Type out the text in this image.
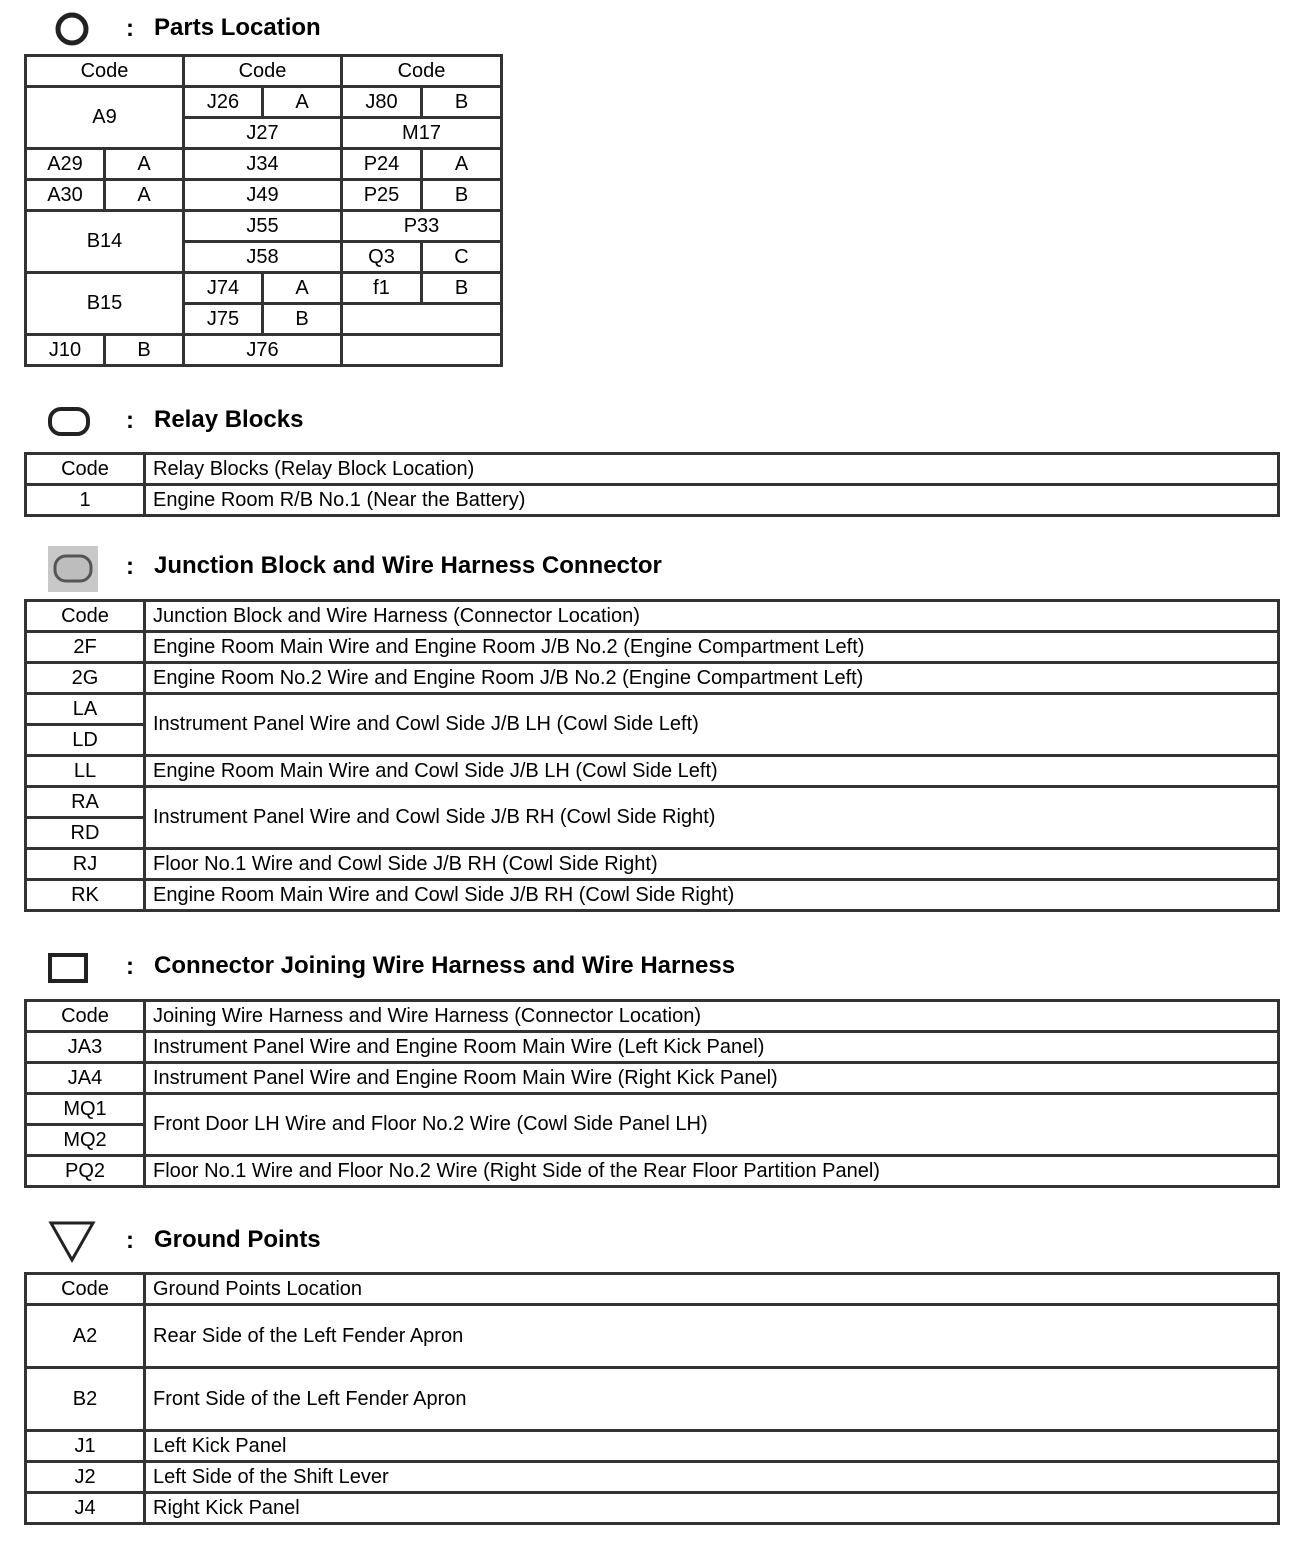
: Parts Location
Code		Code		Code	
A9		J26	A	J80	B
		J27		M17	
A29	A	J34		P24	A
A30	A	J49		P25	B
B14		J55		P33	
		J58		Q3	C
B15		J74	A	f1	B
		J75	B		
J10	B	J76			
: Relay Blocks
Code	Relay Blocks (Relay Block Location)
1	Engine Room R/B No.1 (Near the Battery)
: Junction Block and Wire Harness Connector
Code	Junction Block and Wire Harness (Connector Location)
2F	Engine Room Main Wire and Engine Room J/B No.2 (Engine Compartment Left)
2G	Engine Room No.2 Wire and Engine Room J/B No.2 (Engine Compartment Left)
LA	Instrument Panel Wire and Cowl Side J/B LH (Cowl Side Left)
LD	
LL	Engine Room Main Wire and Cowl Side J/B LH (Cowl Side Left)
RA	Instrument Panel Wire and Cowl Side J/B RH (Cowl Side Right)
RD	
RJ	Floor No.1 Wire and Cowl Side J/B RH (Cowl Side Right)
RK	Engine Room Main Wire and Cowl Side J/B RH (Cowl Side Right)
: Connector Joining Wire Harness and Wire Harness
Code	Joining Wire Harness and Wire Harness (Connector Location)
JA3	Instrument Panel Wire and Engine Room Main Wire (Left Kick Panel)
JA4	Instrument Panel Wire and Engine Room Main Wire (Right Kick Panel)
MQ1	Front Door LH Wire and Floor No.2 Wire (Cowl Side Panel LH)
MQ2	
PQ2	Floor No.1 Wire and Floor No.2 Wire (Right Side of the Rear Floor Partition Panel)
: Ground Points
Code	Ground Points Location
A2	Rear Side of the Left Fender Apron
B2	Front Side of the Left Fender Apron
J1	Left Kick Panel
J2	Left Side of the Shift Lever
J4	Right Kick Panel
